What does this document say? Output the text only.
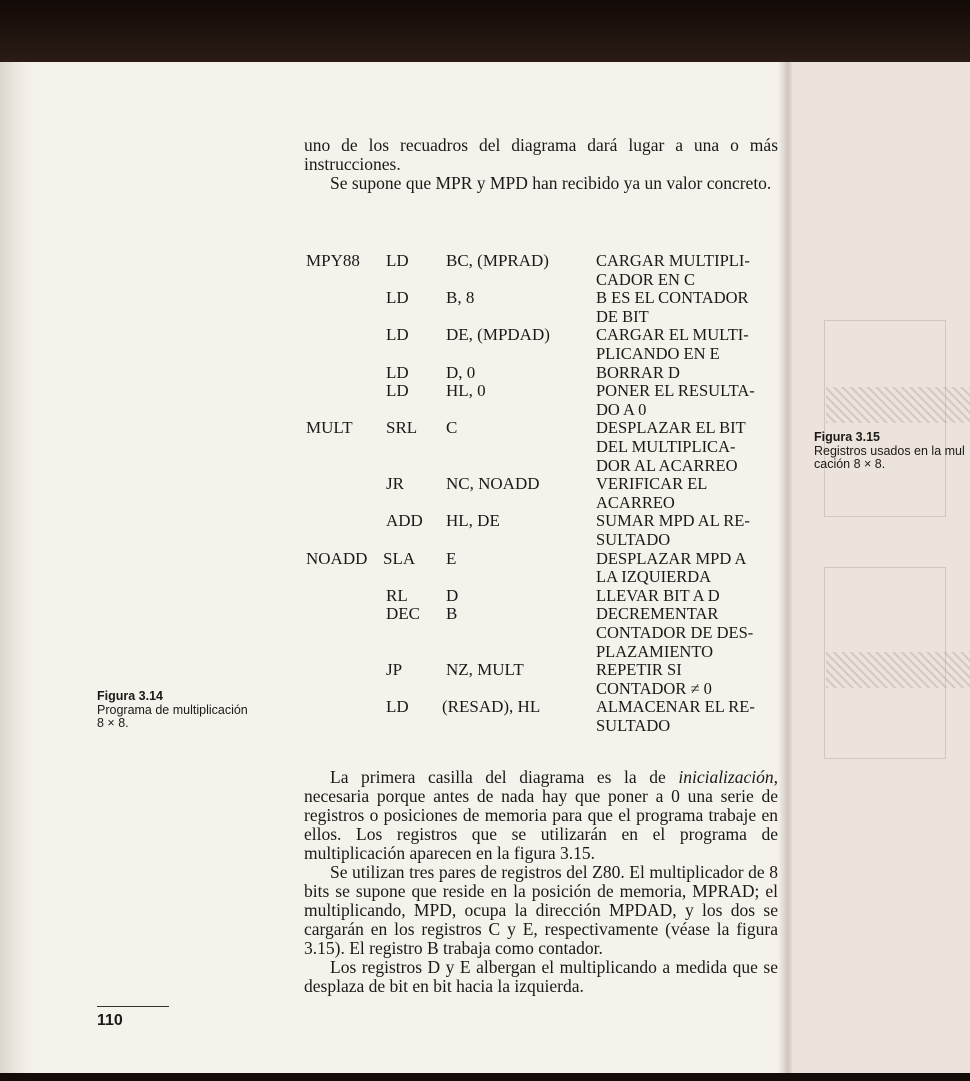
uno de los recuadros del diagrama dará lugar a una o más instrucciones.

Se supone que MPR y MPD han recibido ya un valor concreto.

MPY88 LD BC, (MPRAD)	CARGAR MULTIPLI-
CADOR EN C
LD B, 8	B ES EL CONTADOR
DE BIT
LD DE, (MPDAD)	CARGAR EL MULTI-
PLICANDO EN E
LD D, 0	BORRAR D
LD HL, 0	PONER EL RESULTA-
DO A 0
MULT SRL C	DESPLAZAR EL BIT
DEL MULTIPLICA-
DOR AL ACARREO
JR NC, NOADD	VERIFICAR EL
ACARREO
ADD HL, DE	SUMAR MPD AL RE-
SULTADO
NOADD SLA E	DESPLAZAR MPD A
LA IZQUIERDA
RL D	LLEVAR BIT A D
DEC B	DECREMENTAR
CONTADOR DE DES-
PLAZAMIENTO
JP	NZ, MULT	REPETIR SI
CONTADOR ≠ 0
LD (RESAD), HL	ALMACENAR EL RE-
SULTADO
Figura 3.14
Programa de multiplicación
8 × 8.
Figura 3.15
Registros usados en la mul
cación 8 × 8.

La primera casilla del diagrama es la de inicialización, necesaria porque antes de nada hay que poner a 0 una serie de registros o posiciones de memoria para que el programa trabaje en ellos. Los registros que se utilizarán en el programa de multiplicación aparecen en la figura 3.15.

Se utilizan tres pares de registros del Z80. El multiplicador de 8 bits se supone que reside en la posición de memoria, MPRAD; el multiplicando, MPD, ocupa la dirección MPDAD, y los dos se cargarán en los registros C y E, respectivamente (véase la figura 3.15). El registro B trabaja como contador.

Los registros D y E albergan el multiplicando a medida que se desplaza de bit en bit hacia la izquierda.

110
